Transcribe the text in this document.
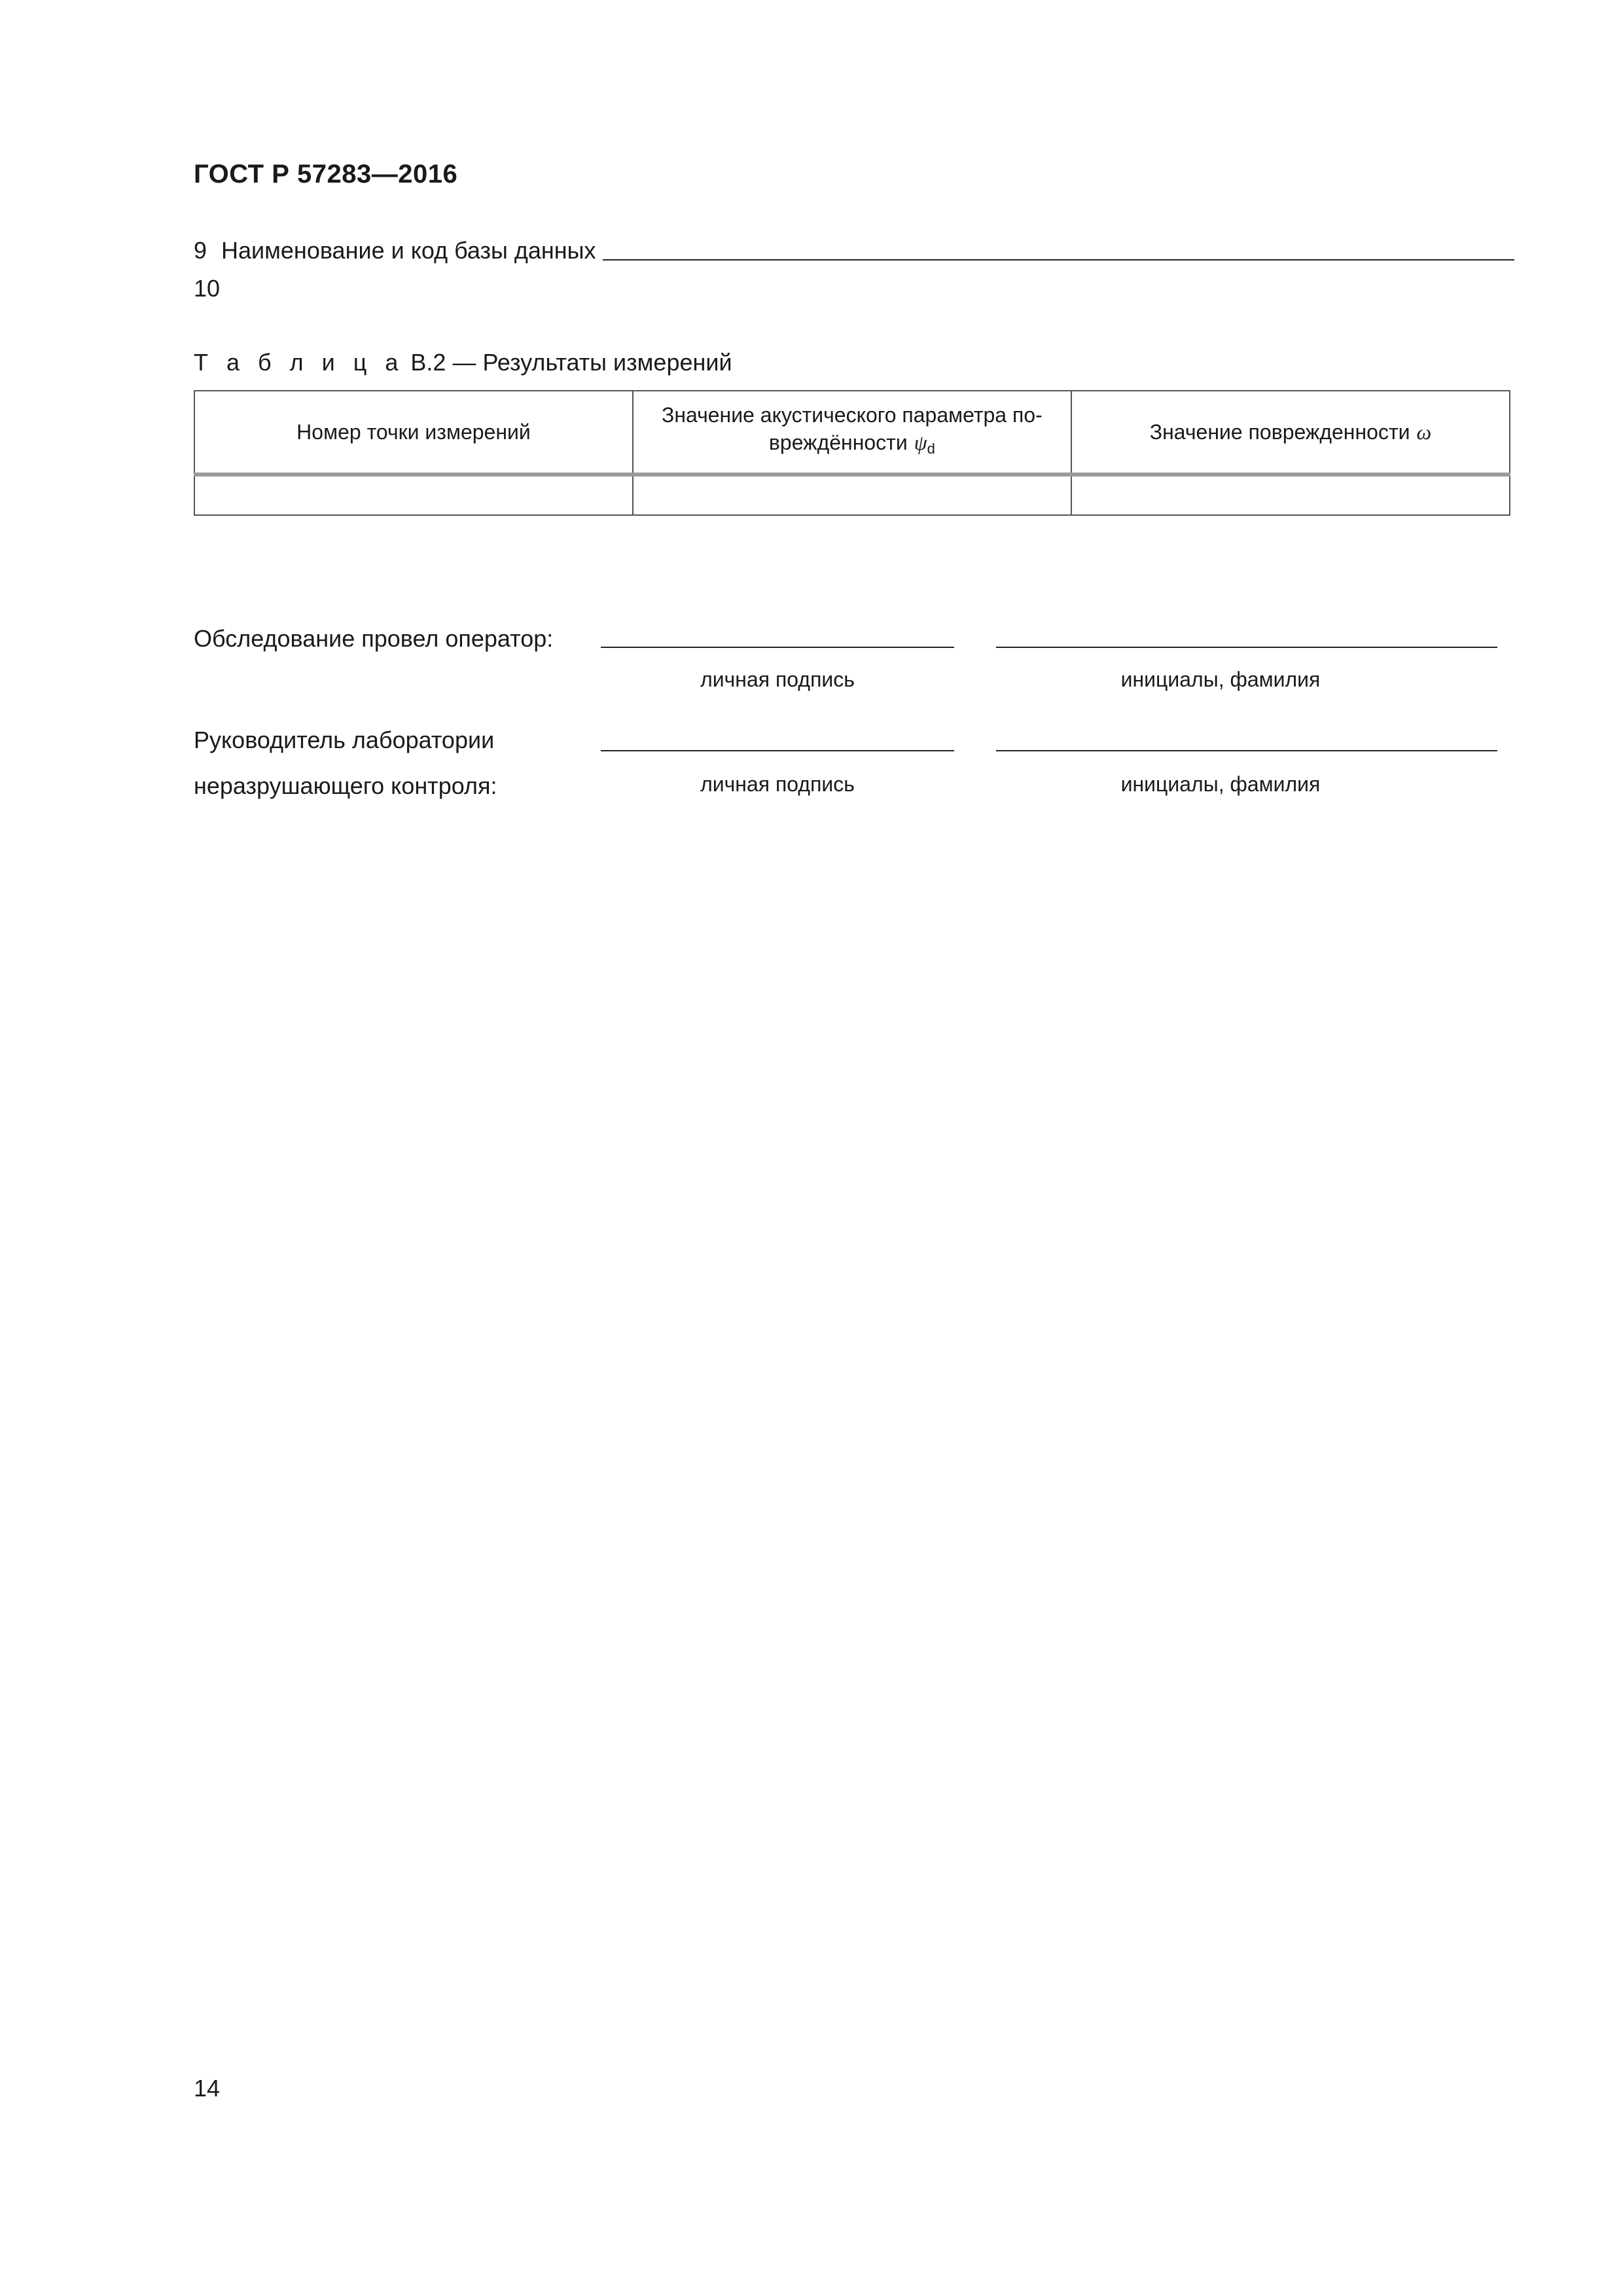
ГОСТ Р 57283—2016
9 Наименование и код базы данных
10
Т а б л и ц а В.2 — Результаты измерений
Номер точки измерений	Значение акустического параметра по-вреждённости $\psi_d$	Значение поврежденности ω

Обследование провел оператор:
личная подпись	инициалы, фамилия
Руководитель лаборатории
неразрушающего контроля:	личная подпись	инициалы, фамилия
14
